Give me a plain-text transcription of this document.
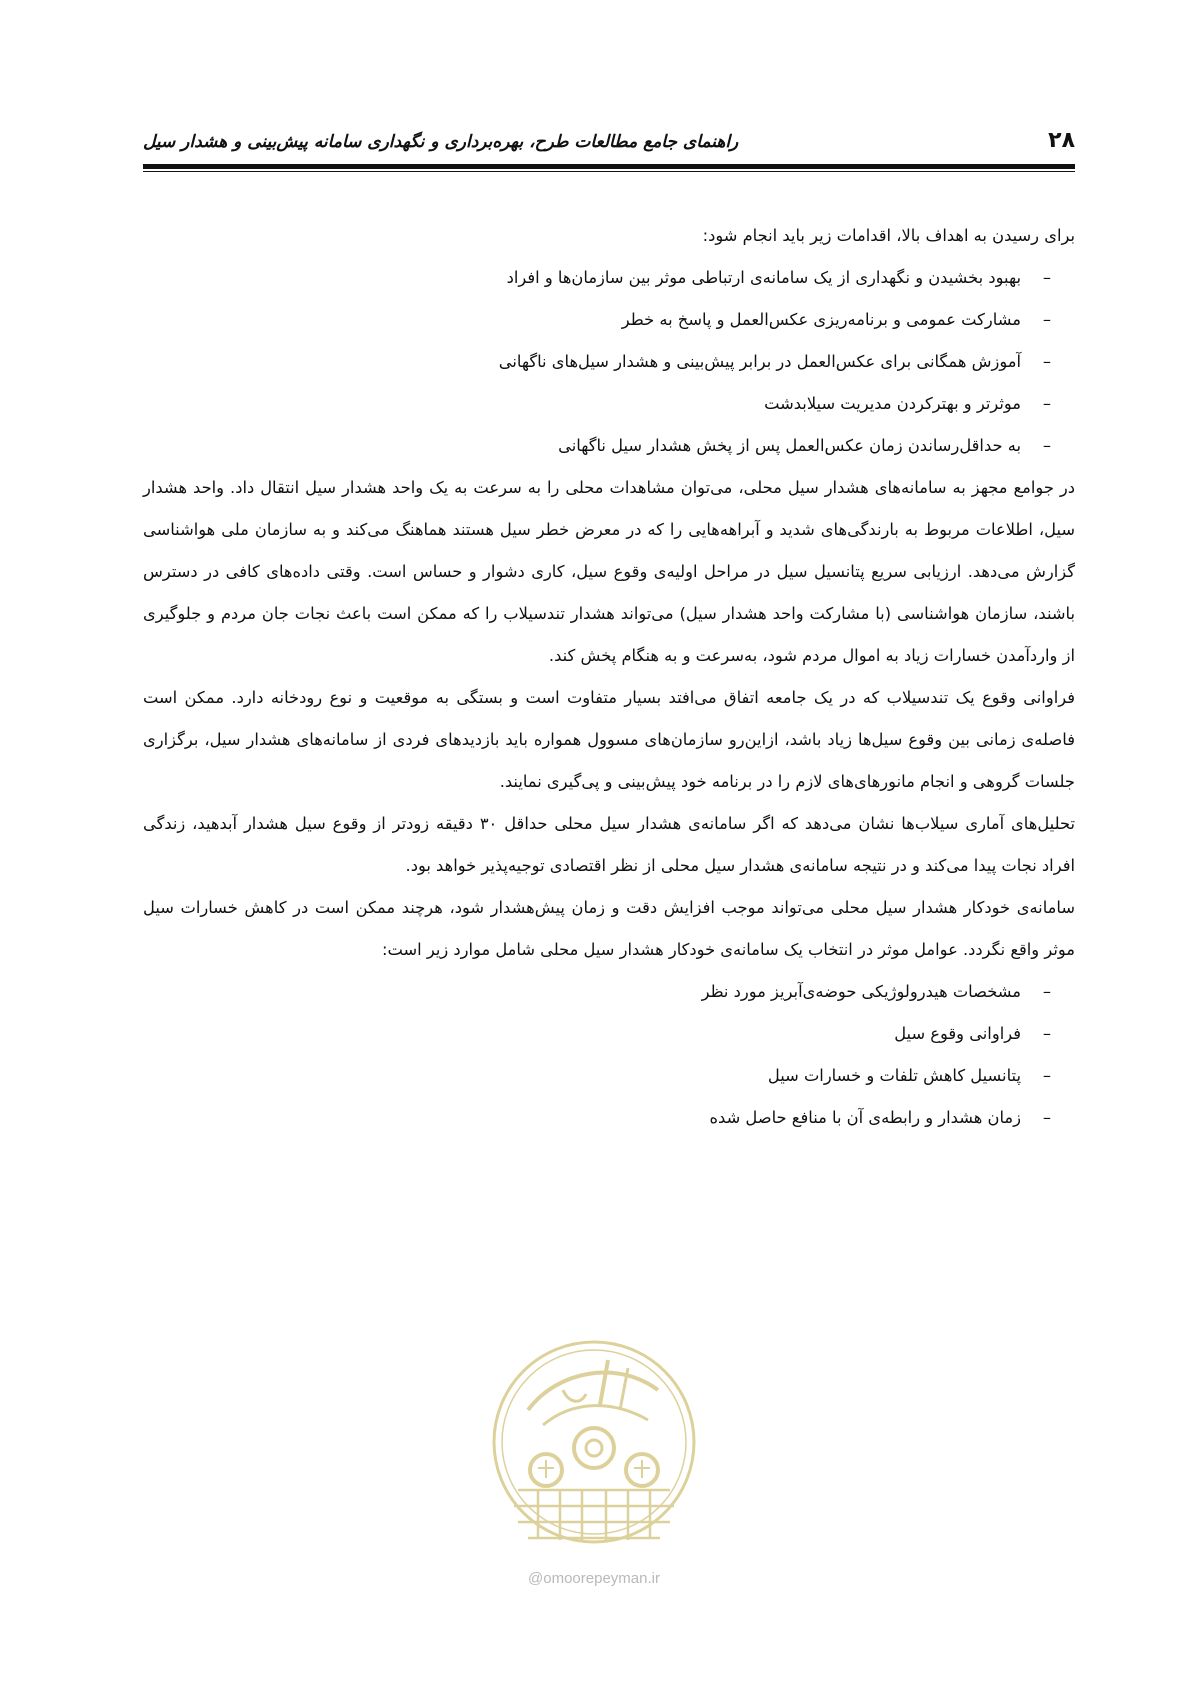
۲۸
راهنمای جامع مطالعات طرح، بهره‌برداری و نگهداری سامانه پیش‌بینی و هشدار سیل

برای رسیدن به اهداف بالا، اقدامات زیر باید انجام شود:

–
بهبود بخشیدن و نگهداری از یک سامانه‌ی ارتباطی موثر بین سازمان‌ها و افراد
–
مشارکت عمومی و برنامه‌ریزی عکس‌العمل و پاسخ به خطر
–
آموزش همگانی برای عکس‌العمل در برابر پیش‌بینی و هشدار سیل‌های ناگهانی
–
موثرتر و بهترکردن مدیریت سیلابدشت
–
به حداقل‌رساندن زمان عکس‌العمل پس از پخش هشدار سیل ناگهانی

در جوامع مجهز به سامانه‌های هشدار سیل محلی، می‌توان مشاهدات محلی را به سرعت به یک واحد هشدار سیل انتقال داد. واحد هشدار سیل، اطلاعات مربوط به بارندگی‌های شدید و آبراهه‌هایی را که در معرض خطر سیل هستند هماهنگ می‌کند و به سازمان ملی هواشناسی گزارش می‌دهد. ارزیابی سریع پتانسیل سیل در مراحل اولیه‌ی وقوع سیل، کاری دشوار و حساس است. وقتی داده‌های کافی در دسترس باشند، سازمان هواشناسی (با مشارکت واحد هشدار سیل) می‌تواند هشدار تندسیلاب را که ممکن است باعث نجات جان مردم و جلوگیری از واردآمدن خسارات زیاد به اموال مردم شود، به‌سرعت و به هنگام پخش کند.

فراوانی وقوع یک تندسیلاب که در یک جامعه اتفاق می‌افتد بسیار متفاوت است و بستگی به موقعیت و نوع رودخانه دارد. ممکن است فاصله‌ی زمانی بین وقوع سیل‌ها زیاد باشد، ازاین‌رو سازمان‌های مسوول همواره باید بازدیدهای فردی از سامانه‌های هشدار سیل، برگزاری جلسات گروهی و انجام مانورهای‌های لازم را در برنامه خود پیش‌بینی و پی‌گیری نمایند.

تحلیل‌های آماری سیلاب‌ها نشان می‌دهد که اگر سامانه‌ی هشدار سیل محلی حداقل ۳۰ دقیقه زودتر از وقوع سیل هشدار آبدهید، زندگی افراد نجات پیدا می‌کند و در نتیجه سامانه‌ی هشدار سیل محلی از نظر اقتصادی توجیه‌پذیر خواهد بود.

سامانه‌ی خودکار هشدار سیل محلی می‌تواند موجب افزایش دقت و زمان پیش‌هشدار شود، هرچند ممکن است در کاهش خسارات سیل موثر واقع نگردد. عوامل موثر در انتخاب یک سامانه‌ی خودکار هشدار سیل محلی شامل موارد زیر است:

–
مشخصات هیدرولوژیکی حوضه‌ی‌آبریز مورد نظر
–
فراوانی وقوع سیل
–
پتانسیل کاهش تلفات و خسارات سیل
–
زمان هشدار و رابطه‌ی آن با منافع حاصل شده
@omoorepeyman.ir
